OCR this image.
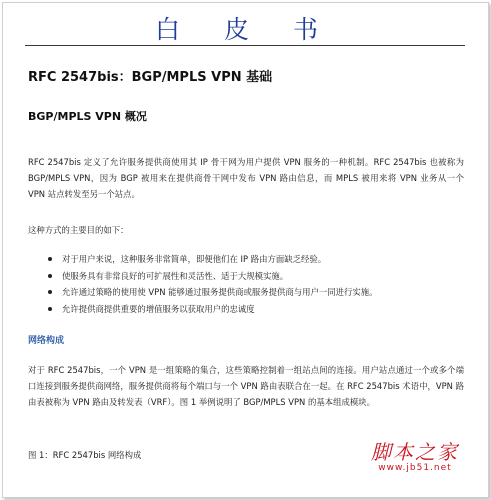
白 皮 书
RFC 2547bis：BGP/MPLS VPN 基础
BGP/MPLS VPN 概况
RFC 2547bis 定义了允许服务提供商使用其 IP 骨干网为用户提供 VPN 服务的一种机制。RFC 2547bis 也被称为 BGP/MPLS VPN，因为 BGP 被用来在提供商骨干网中发布 VPN 路由信息，而 MPLS 被用来将 VPN 业务从一个 VPN 站点转发至另一个站点。
这种方式的主要目的如下：
对于用户来说，这种服务非常简单，即便他们在 IP 路由方面缺乏经验。
使服务具有非常良好的可扩展性和灵活性、适于大规模实施。
允许通过策略的使用使 VPN 能够通过服务提供商或服务提供商与用户一同进行实施。
允许提供商提供重要的增值服务以获取用户的忠诚度
网络构成
对于 RFC 2547bis，一个 VPN 是一组策略的集合，这些策略控制着一组站点间的连接。用户站点通过一个或多个端口连接到服务提供商网络，服务提供商将每个端口与一个 VPN 路由表联合在一起。在 RFC 2547bis 术语中，VPN 路由表被称为 VPN 路由及转发表（VRF）。图 1 举例说明了 BGP/MPLS VPN 的基本组成模块。
图 1：RFC 2547bis 网络构成	脚本之家
www.jb51.net
